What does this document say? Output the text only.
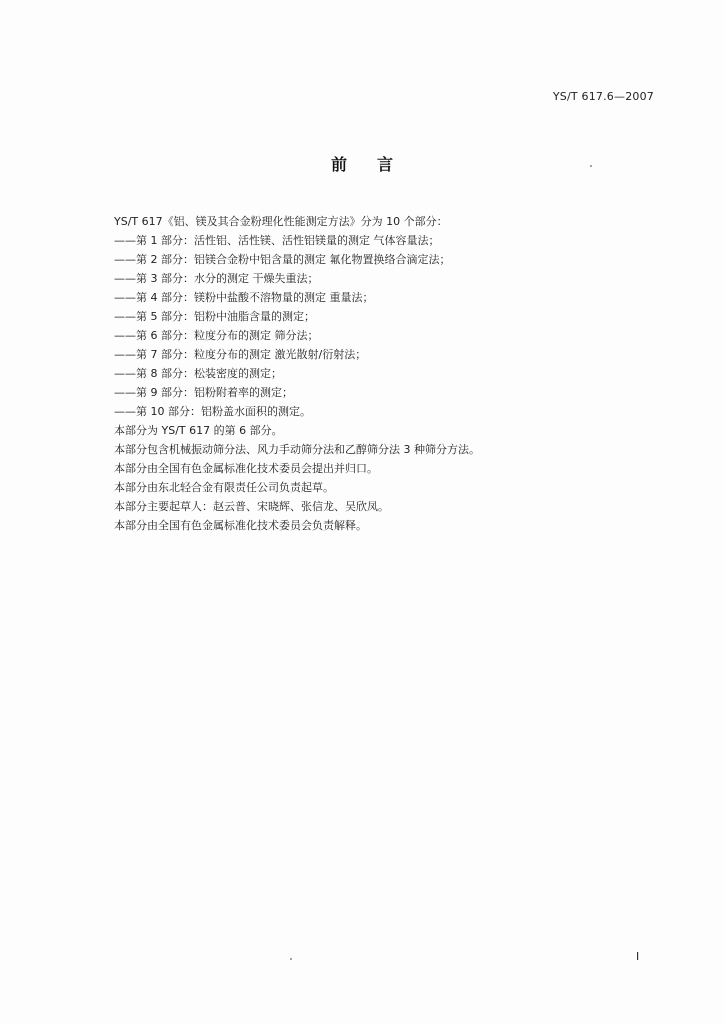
YS/T 617.6—2007
前言
YS/T 617《铝、镁及其合金粉理化性能测定方法》分为 10 个部分：
——第 1 部分：活性铝、活性镁、活性铝镁量的测定 气体容量法；
——第 2 部分：铝镁合金粉中铝含量的测定 氟化物置换络合滴定法；
——第 3 部分：水分的测定 干燥失重法；
——第 4 部分：镁粉中盐酸不溶物量的测定 重量法；
——第 5 部分：铝粉中油脂含量的测定；
——第 6 部分：粒度分布的测定 筛分法；
——第 7 部分：粒度分布的测定 激光散射/衍射法；
——第 8 部分：松装密度的测定；
——第 9 部分：铝粉附着率的测定；
——第 10 部分：铝粉盖水面积的测定。
本部分为 YS/T 617 的第 6 部分。
本部分包含机械振动筛分法、风力手动筛分法和乙醇筛分法 3 种筛分方法。
本部分由全国有色金属标准化技术委员会提出并归口。
本部分由东北轻合金有限责任公司负责起草。
本部分主要起草人：赵云普、宋晓辉、张信龙、吴欣凤。
本部分由全国有色金属标准化技术委员会负责解释。
I
